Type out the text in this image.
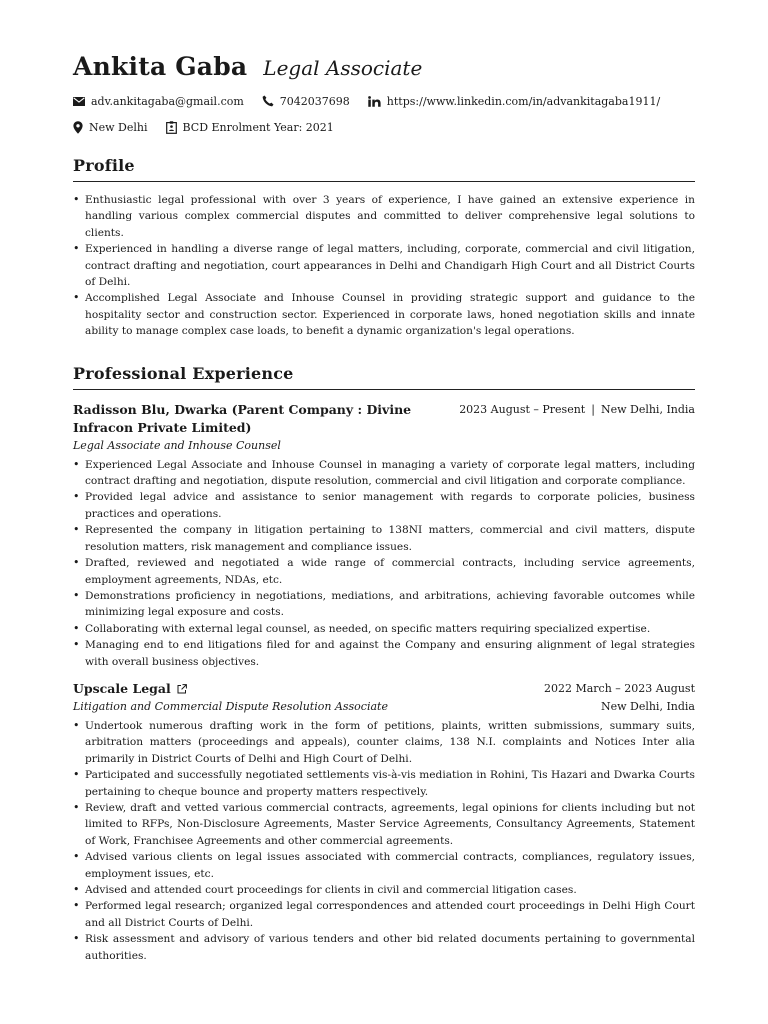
Ankita Gaba Legal Associate
adv.ankitagaba@gmail.com	7042037698	https://www.linkedin.com/in/advankitagaba1911/
New Delhi	BCD Enrolment Year: 2021
Profile
• Enthusiastic legal professional with over 3 years of experience, I have gained an extensive experience in handling various complex commercial disputes and committed to deliver comprehensive legal solutions to clients.
• Experienced in handling a diverse range of legal matters, including, corporate, commercial and civil litigation, contract drafting and negotiation, court appearances in Delhi and Chandigarh High Court and all District Courts of Delhi.
• Accomplished Legal Associate and Inhouse Counsel in providing strategic support and guidance to the hospitality sector and construction sector. Experienced in corporate laws, honed negotiation skills and innate ability to manage complex case loads, to benefit a dynamic organization's legal operations.
Professional Experience
Radisson Blu, Dwarka (Parent Company : Divine Infracon Private Limited)
2023 August – Present | New Delhi, India
Legal Associate and Inhouse Counsel
• Experienced Legal Associate and Inhouse Counsel in managing a variety of corporate legal matters, including contract drafting and negotiation, dispute resolution, commercial and civil litigation and corporate compliance.
• Provided legal advice and assistance to senior management with regards to corporate policies, business practices and operations.
• Represented the company in litigation pertaining to 138NI matters, commercial and civil matters, dispute resolution matters, risk management and compliance issues.
• Drafted, reviewed and negotiated a wide range of commercial contracts, including service agreements, employment agreements, NDAs, etc.
• Demonstrations proficiency in negotiations, mediations, and arbitrations, achieving favorable outcomes while minimizing legal exposure and costs.
• Collaborating with external legal counsel, as needed, on specific matters requiring specialized expertise.
• Managing end to end litigations filed for and against the Company and ensuring alignment of legal strategies with overall business objectives.
Upscale Legal	2022 March – 2023 August
Litigation and Commercial Dispute Resolution Associate	New Delhi, India
• Undertook numerous drafting work in the form of petitions, plaints, written submissions, summary suits, arbitration matters (proceedings and appeals), counter claims, 138 N.I. complaints and Notices Inter alia primarily in District Courts of Delhi and High Court of Delhi.
• Participated and successfully negotiated settlements vis-à-vis mediation in Rohini, Tis Hazari and Dwarka Courts pertaining to cheque bounce and property matters respectively.
• Review, draft and vetted various commercial contracts, agreements, legal opinions for clients including but not limited to RFPs, Non-Disclosure Agreements, Master Service Agreements, Consultancy Agreements, Statement of Work, Franchisee Agreements and other commercial agreements.
• Advised various clients on legal issues associated with commercial contracts, compliances, regulatory issues, employment issues, etc.
• Advised and attended court proceedings for clients in civil and commercial litigation cases.
• Performed legal research; organized legal correspondences and attended court proceedings in Delhi High Court and all District Courts of Delhi.
• Risk assessment and advisory of various tenders and other bid related documents pertaining to governmental authorities.
